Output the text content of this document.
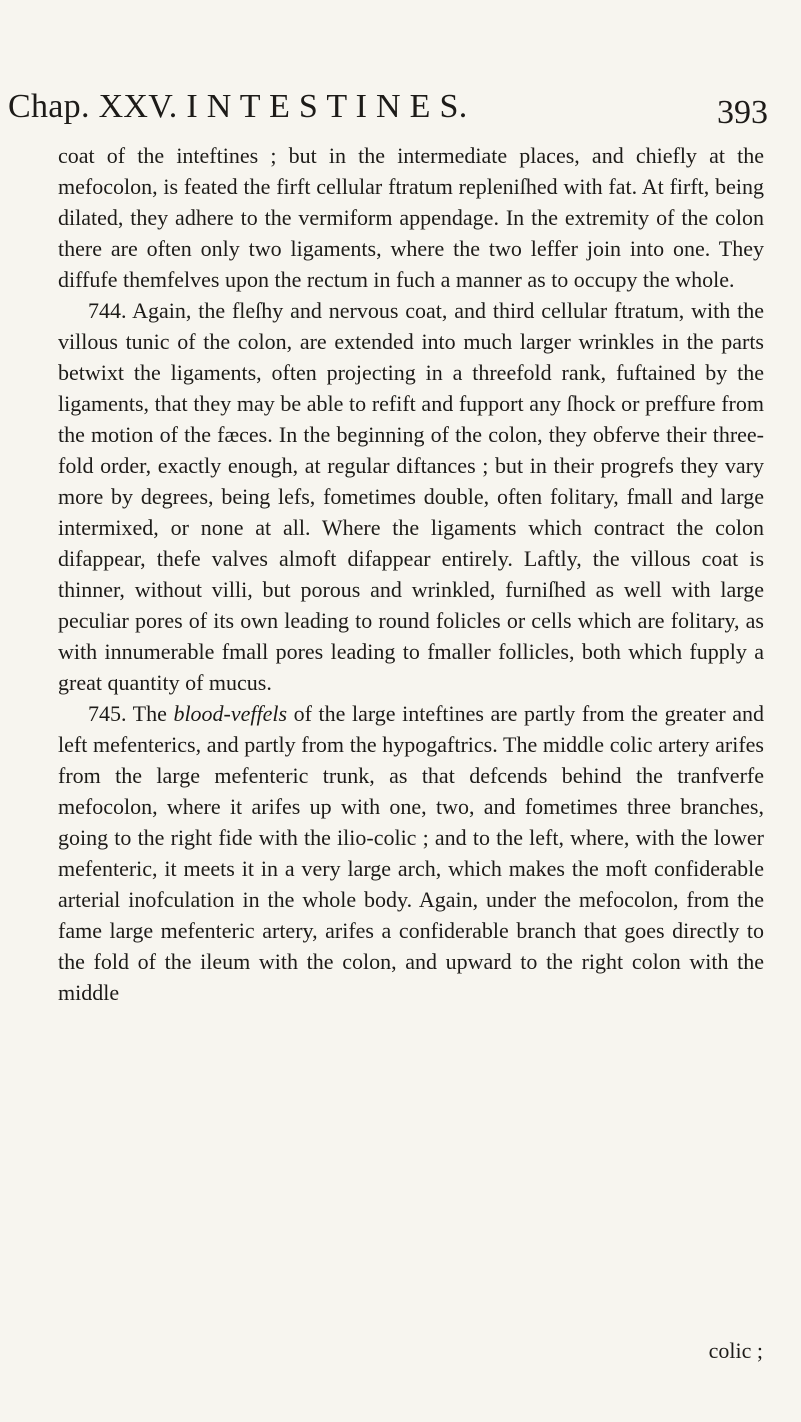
Chap. XXV. I N T E S T I N E S.	393

coat of the inteftines ; but in the intermediate places, and chiefly at the mefocolon, is feated the firft cellular ftratum repleniſhed with fat. At firft, being dilated, they adhere to the vermiform appendage. In the extremity of the colon there are often only two ligaments, where the two leffer join into one. They diffufe themfelves upon the rectum in fuch a manner as to occupy the whole.

744. Again, the fleſhy and nervous coat, and third cellular ftratum, with the villous tunic of the colon, are extended into much larger wrinkles in the parts betwixt the ligaments, often projecting in a threefold rank, fuftained by the ligaments, that they may be able to refift and fupport any ſhock or preffure from the motion of the fæces. In the beginning of the colon, they obferve their three-fold order, exactly enough, at regular diftances ; but in their progrefs they vary more by degrees, being lefs, fometimes double, often folitary, fmall and large intermixed, or none at all. Where the ligaments which contract the colon difappear, thefe valves almoft difappear entirely. Laftly, the villous coat is thinner, without villi, but porous and wrinkled, furniſhed as well with large peculiar pores of its own leading to round folicles or cells which are folitary, as with innumerable fmall pores leading to fmaller follicles, both which fupply a great quantity of mucus.

745. The blood-veffels of the large inteftines are partly from the greater and left mefenterics, and partly from the hypogaftrics. The middle colic artery arifes from the large mefenteric trunk, as that defcends behind the tranfverfe mefocolon, where it arifes up with one, two, and fometimes three branches, going to the right fide with the ilio-colic ; and to the left, where, with the lower mefenteric, it meets it in a very large arch, which makes the moft confiderable arterial inofculation in the whole body. Again, under the mefocolon, from the fame large mefenteric artery, arifes a confiderable branch that goes directly to the fold of the ileum with the colon, and upward to the right colon with the middle

colic ;
